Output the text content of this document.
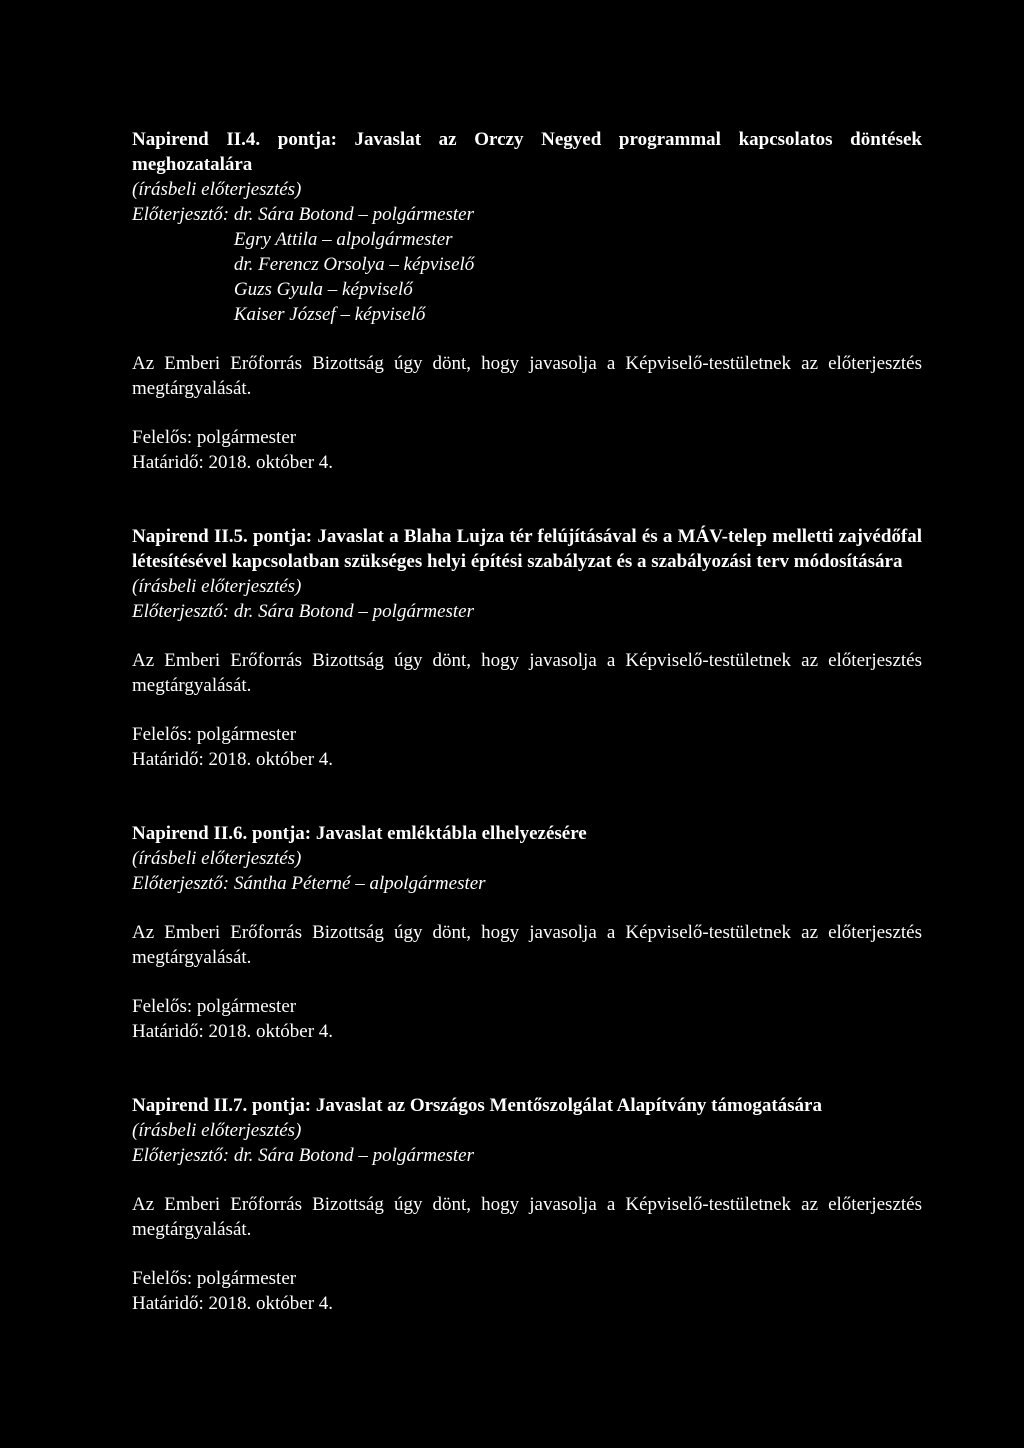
Napirend II.4. pontja: Javaslat az Orczy Negyed programmal kapcsolatos döntések meghozatalára

(írásbeli előterjesztés)

Előterjesztő: dr. Sára Botond – polgármester
Egry Attila – alpolgármester
dr. Ferencz Orsolya – képviselő
Guzs Gyula – képviselő
Kaiser József – képviselő

Az Emberi Erőforrás Bizottság úgy dönt, hogy javasolja a Képviselő-testületnek az előterjesztés megtárgyalását.

Felelős: polgármester

Határidő: 2018. október 4.

Napirend II.5. pontja: Javaslat a Blaha Lujza tér felújításával és a MÁV-telep melletti zajvédőfal létesítésével kapcsolatban szükséges helyi építési szabályzat és a szabályozási terv módosítására

(írásbeli előterjesztés)

Előterjesztő: dr. Sára Botond – polgármester

Az Emberi Erőforrás Bizottság úgy dönt, hogy javasolja a Képviselő-testületnek az előterjesztés megtárgyalását.

Felelős: polgármester

Határidő: 2018. október 4.

Napirend II.6. pontja: Javaslat emléktábla elhelyezésére

(írásbeli előterjesztés)

Előterjesztő: Sántha Péterné – alpolgármester

Az Emberi Erőforrás Bizottság úgy dönt, hogy javasolja a Képviselő-testületnek az előterjesztés megtárgyalását.

Felelős: polgármester

Határidő: 2018. október 4.

Napirend II.7. pontja: Javaslat az Országos Mentőszolgálat Alapítvány támogatására

(írásbeli előterjesztés)

Előterjesztő: dr. Sára Botond – polgármester

Az Emberi Erőforrás Bizottság úgy dönt, hogy javasolja a Képviselő-testületnek az előterjesztés megtárgyalását.

Felelős: polgármester

Határidő: 2018. október 4.
